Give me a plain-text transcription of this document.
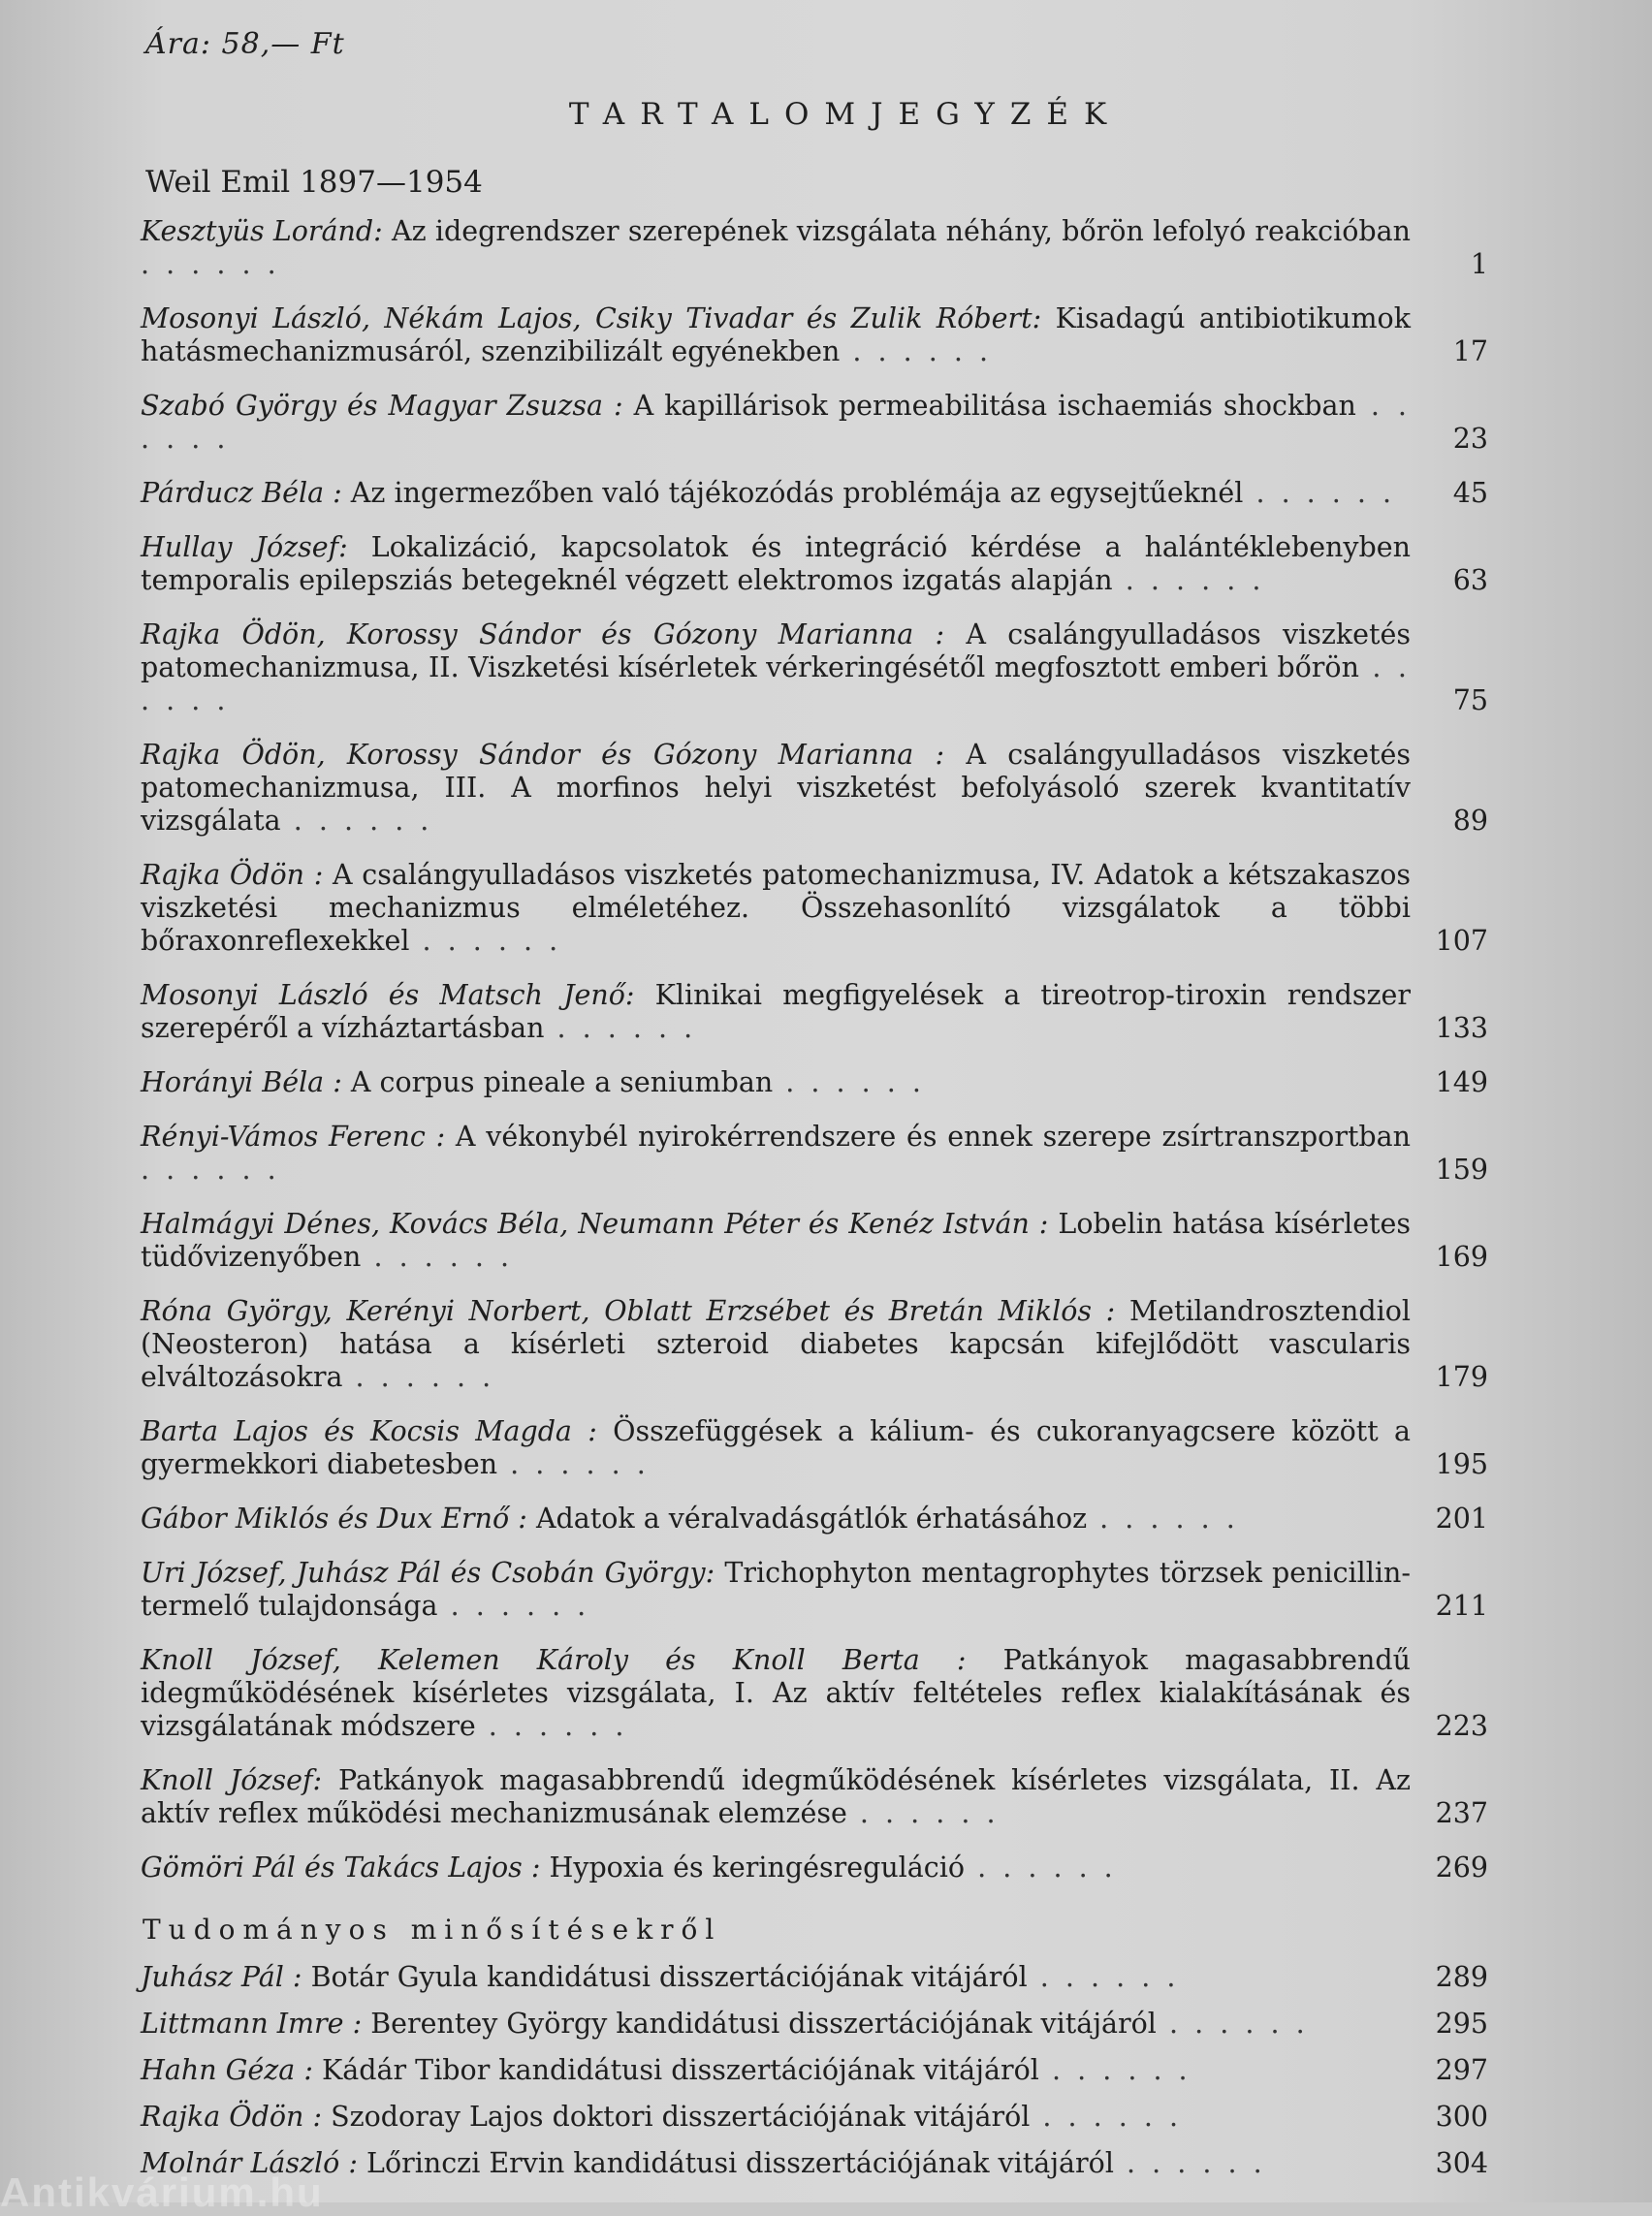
Ára: 58,— Ft
TARTALOMJEGYZÉK
Weil Emil 1897—1954
Kesztyüs Loránd: Az idegrendszer szerepének vizsgálata néhány, bőrön lefolyó reakcióban . . . . . .	1
Mosonyi László, Nékám Lajos, Csiky Tivadar és Zulik Róbert: Kisadagú antibiotikumok hatásmechanizmusáról, szenzibilizált egyénekben . . . . . .	17
Szabó György és Magyar Zsuzsa : A kapillárisok permeabilitása ischaemiás shockban . . . . . .	23
Párducz Béla : Az ingermezőben való tájékozódás problémája az egysejtűeknél . . . . . .	45
Hullay József: Lokalizáció, kapcsolatok és integráció kérdése a halántéklebenyben temporalis epilepsziás betegeknél végzett elektromos izgatás alapján . . . . . .	63
Rajka Ödön, Korossy Sándor és Gózony Marianna : A csalángyulladásos viszketés patomechanizmusa, II. Viszketési kísérletek vérkeringésétől megfosztott emberi bőrön . . . . . .	75
Rajka Ödön, Korossy Sándor és Gózony Marianna : A csalángyulladásos viszketés patomechanizmusa, III. A morfinos helyi viszketést befolyásoló szerek kvantitatív vizsgálata . . . . . .	89
Rajka Ödön : A csalángyulladásos viszketés patomechanizmusa, IV. Adatok a kétszakaszos viszketési mechanizmus elméletéhez. Összehasonlító vizsgálatok a többi bőraxonreflexekkel . . . . . .	107
Mosonyi László és Matsch Jenő: Klinikai megfigyelések a tireotrop-tiroxin rendszer szerepéről a vízháztartásban . . . . . .	133
Horányi Béla : A corpus pineale a seniumban . . . . . .	149
Rényi-Vámos Ferenc : A vékonybél nyirokérrendszere és ennek szerepe zsírtranszportban . . . . . .	159
Halmágyi Dénes, Kovács Béla, Neumann Péter és Kenéz István : Lobelin hatása kísérletes tüdővizenyőben . . . . . .	169
Róna György, Kerényi Norbert, Oblatt Erzsébet és Bretán Miklós : Metilandrosztendiol (Neosteron) hatása a kísérleti szteroid diabetes kapcsán kifejlődött vascularis elváltozásokra . . . . . .	179
Barta Lajos és Kocsis Magda : Összefüggések a kálium- és cukoranyagcsere között a gyermekkori diabetesben . . . . . .	195
Gábor Miklós és Dux Ernő : Adatok a véralvadásgátlók érhatásához . . . . . .	201
Uri József, Juhász Pál és Csobán György: Trichophyton mentagrophytes törzsek penicillin-termelő tulajdonsága . . . . . .	211
Knoll József, Kelemen Károly és Knoll Berta : Patkányok magasabbrendű idegműködésének kísérletes vizsgálata, I. Az aktív feltételes reflex kialakításának és vizsgálatának módszere . . . . . .	223
Knoll József: Patkányok magasabbrendű idegműködésének kísérletes vizsgálata, II. Az aktív reflex működési mechanizmusának elemzése . . . . . .	237
Gömöri Pál és Takács Lajos : Hypoxia és keringésreguláció . . . . . .	269
Tudományos minősítésekről
Juhász Pál : Botár Gyula kandidátusi disszertációjának vitájáról . . . . . .	289
Littmann Imre : Berentey György kandidátusi disszertációjának vitájáról . . . . . .	295
Hahn Géza : Kádár Tibor kandidátusi disszertációjának vitájáról . . . . . .	297
Rajka Ödön : Szodoray Lajos doktori disszertációjának vitájáról . . . . . .	300
Molnár László : Lőrinczi Ervin kandidátusi disszertációjának vitájáról . . . . . .	304
Antikvárium.hu
